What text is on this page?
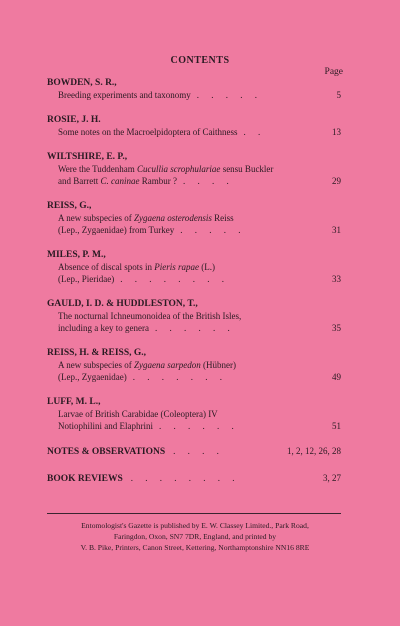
CONTENTS
Page
BOWDEN, S. R.,
Breeding experiments and taxonomy . . . . .	5
ROSIE, J. H.
Some notes on the Macroelpidoptera of Caithness . .	13
WILTSHIRE, E. P.,
Were the Tuddenham Cucullia scrophulariae sensu Buckler
and Barrett C. caninae Rambur ? . . . .	29
REISS, G.,
A new subspecies of Zygaena osterodensis Reiss
(Lep., Zygaenidae) from Turkey . . . . .	31
MILES, P. M.,
Absence of discal spots in Pieris rapae (L.)
(Lep., Pieridae) . . . . . . . .	33
GAULD, I. D. & HUDDLESTON, T.,
The nocturnal Ichneumonoidea of the British Isles,
including a key to genera . . . . . .	35
REISS, H. & REISS, G.,
A new subspecies of Zygaena sarpedon (Hübner)
(Lep., Zygaenidae) . . . . . . .	49
LUFF, M. L.,
Larvae of British Carabidae (Coleoptera) IV
Notiophilini and Elaphrini . . . . . .	51
NOTES & OBSERVATIONS . . . .	1, 2, 12, 26, 28
BOOK REVIEWS . . . . . . . .	3, 27
Entomologist's Gazette is published by E. W. Classey Limited., Park Road,
Faringdon, Oxon, SN7 7DR, England, and printed by
V. B. Pike, Printers, Canon Street, Kettering, Northamptonshire NN16 8RE
